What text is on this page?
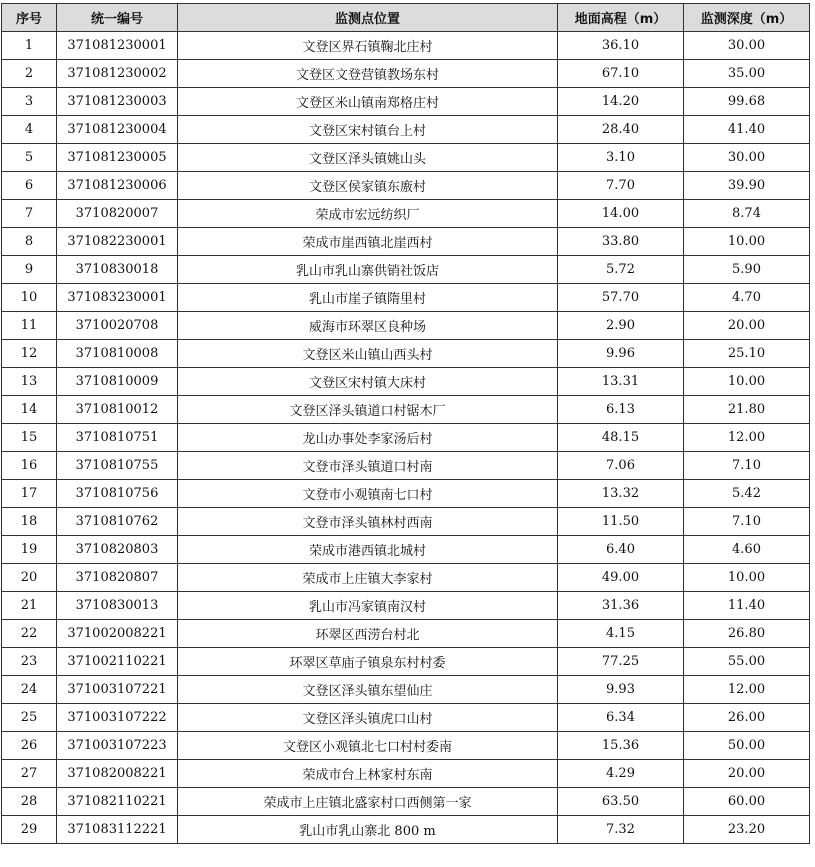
序号	统一编号	监测点位置	地面高程（m）	监测深度（m）
1	371081230001	文登区界石镇鞠北庄村	36.10	30.00
2	371081230002	文登区文登营镇教场东村	67.10	35.00
3	371081230003	文登区米山镇南郑格庄村	14.20	99.68
4	371081230004	文登区宋村镇台上村	28.40	41.40
5	371081230005	文登区泽头镇姚山头	3.10	30.00
6	371081230006	文登区侯家镇东廒村	7.70	39.90
7	3710820007	荣成市宏远纺织厂	14.00	8.74
8	371082230001	荣成市崖西镇北崖西村	33.80	10.00
9	3710830018	乳山市乳山寨供销社饭店	5.72	5.90
10	371083230001	乳山市崖子镇隋里村	57.70	4.70
11	3710020708	威海市环翠区良种场	2.90	20.00
12	3710810008	文登区米山镇山西头村	9.96	25.10
13	3710810009	文登区宋村镇大床村	13.31	10.00
14	3710810012	文登区泽头镇道口村锯木厂	6.13	21.80
15	3710810751	龙山办事处李家汤后村	48.15	12.00
16	3710810755	文登市泽头镇道口村南	7.06	7.10
17	3710810756	文登市小观镇南七口村	13.32	5.42
18	3710810762	文登市泽头镇林村西南	11.50	7.10
19	3710820803	荣成市港西镇北城村	6.40	4.60
20	3710820807	荣成市上庄镇大李家村	49.00	10.00
21	3710830013	乳山市冯家镇南汉村	31.36	11.40
22	371002008221	环翠区西涝台村北	4.15	26.80
23	371002110221	环翠区草庙子镇泉东村村委	77.25	55.00
24	371003107221	文登区泽头镇东望仙庄	9.93	12.00
25	371003107222	文登区泽头镇虎口山村	6.34	26.00
26	371003107223	文登区小观镇北七口村村委南	15.36	50.00
27	371082008221	荣成市台上林家村东南	4.29	20.00
28	371082110221	荣成市上庄镇北盛家村口西侧第一家	63.50	60.00
29	371083112221	乳山市乳山寨北 800 m	7.32	23.20
